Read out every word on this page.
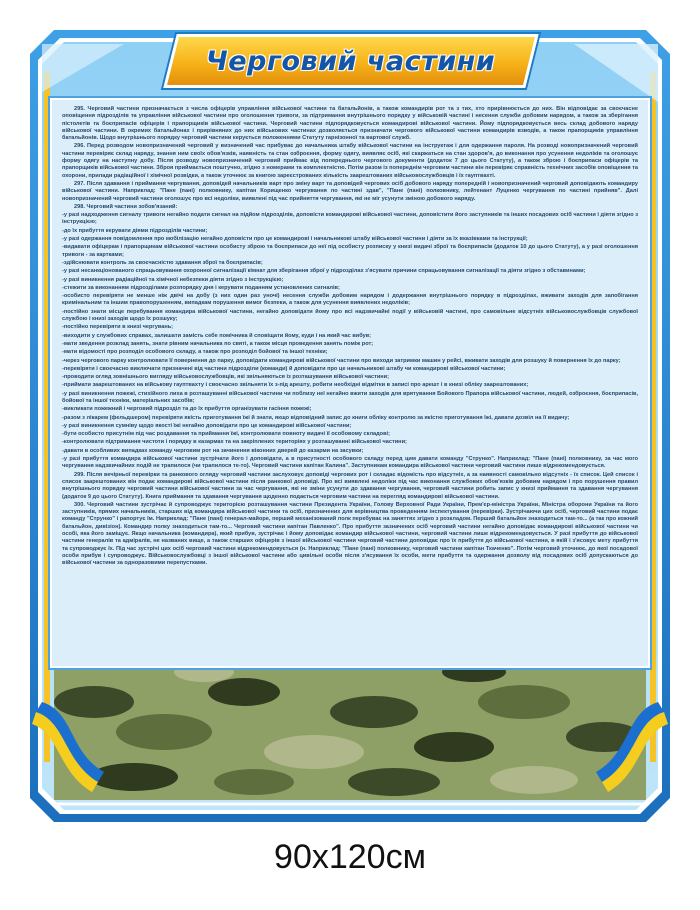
Черговий частини

295. Черговий частини призначається з числа офіцерів управління військової частини та батальйонів, а також командирів рот та з тих, хто прирівнюється до них. Він відповідає за своєчасне оповіщення підрозділів та управління військової частини про оголошення тривоги, за підтримання внутрішнього порядку у військовій частині і несення служби добовим нарядом, а також за зберігання пістолетів та боєприпасів офіцерів і прапорщиків військової частини. Черговий частини підпорядковується командирові військової частини. Йому підпорядковується весь склад добового наряду військової частини. В окремих батальйонах і прирівняних до них військових частинах дозволяється призначати чергового військової частини командирів взводів, а також прапорщиків управління батальйонів. Щодо внутрішнього порядку черговий частини керується положеннями Статуту гарнізонної та вартової служб.

296. Перед розводом новопризначений черговий у визначений час прибуває до начальника штабу військової частини на інструктаж і для одержання пароля. На розводі новопризначений черговий частини перевіряє склад наряду, знання ним своїх обов'язків, наявність та стан озброєння, форму одягу, виявляє осіб, які скаржаться на стан здоров'я, до виконання про усунення недоліків та оголошує форму одягу на наступну добу. Після розводу новопризначений черговий приймає від попереднього чергового документи (додаток 7 до цього Статуту), а також зброю і боєприпаси офіцерів та прапорщиків військової частини. Зброя приймається поштучно, згідно з номерами та комплектністю. Потім разом із попереднім черговим частини він перевіряє справність технічних засобів оповіщення та охорони, прилади радіаційної і хімічної розвідки, а також уточнює за книгою зареєстрованих кількість заарештованих військовослужбовців і їх гауптвахті.

297. Після здавання і приймання чергування, доповідей начальників варт про зміну варт та доповідей чергових осіб добового наряду попередній і новопризначений черговий доповідають командиру військової частини. Наприклад: "Пане (пані) полковнику, капітан Корищенко чергування по частині здав", "Пане (пані) полковнику, лейтенант Луценко чергування по частині прийняв". Далі новопризначений черговий частини оголошує про всі недоліки, виявлені під час прийняття чергування, які не міг усунути зміною добового наряду.

298. Черговий частини зобов'язаний:

-у разі надходження сигналу тривоги негайно подати сигнал на підйом підрозділів, доповісти командирові військової частини, доповістити його заступників та інших посадових осіб частини і діяти згідно з інструкцією;

-до їх прибуття керувати діями підрозділів частини;

-у разі одержання повідомлення про мобілізацію негайно доповісти про це командирові і начальникові штабу військової частини і діяти за їх вказівками та інструкції;

-видавати офіцерам і прапорщикам військової частини особисту зброю та боєприпаси до неї під особисту розписку у книзі видачі зброї та боєприпасів (додаток 10 до цього Статуту), а у разі оголошення тривоги - за картками;

-здійснювати контроль за своєчасністю здавання зброї та боєприпасів;

-у разі несанкціонованого спрацьовування охоронної сигналізації кімнат для зберігання зброї у підрозділах з'ясувати причини спрацьовування сигналізації та діяти згідно з обставинами;

-у разі виникнення радіаційної та хімічної небезпеки діяти згідно з інструкцією;

-стежити за виконанням підрозділами розпорядку дня і керувати поданням установлених сигналів;

-особисто перевіряти не менше ніж двічі на добу (з них один раз уночі) несення служби добовим нарядом і додержання внутрішнього порядку в підрозділах, вживати заходів для запобігання кримінальним та іншим правопорушенням, випадкам порушення вимог безпеки, а також для усунення виявлених недоліків;

-постійно знати місце перебування командира військової частини, негайно доповідати йому про всі надзвичайні події у військовій частині, про самовільне відсутніх військовослужбовців службової службою і книзі заходів щодо їх розшуку;

-постійно перевіряти в книзі чергувань;

-виходити у службових справах, залишати замість себе помічника й сповіщати йому, куди і на який час вибув;

-мати зведення розклад занять, знати рівним начальника по святі, а також місця проведення занять поміж рот;

-мати відомості про розподіл особового складу, а також про розподіл бойової та іншої техніки;

-через чергового парку контролювати її повернення до парку, доповідати командирові військової частини про виходи затримки машин у рейсі, вживати заходів для розшуку й повернення їх до парку;

-перевіряти і своєчасно виключати призначені від частини підрозділи (команди) й доповідати про це начальникові штабу чи командирові військової частини;

-проводити огляд зовнішнього вигляду військовослужбовців, які звільняються із розташування військової частини;

-приймати заарештованих на військову гауптвахту і своєчасно звільняти їх з-під арешту, робити необхідні відмітки в записі про арешт і в книзі обліку заарештованих;

-у разі виникнення пожежі, стихійного лиха в розташуванні військової частини чи поблизу неї негайно вжити заходів для врятування Бойового Прапора військової частини, людей, озброєння, боєприпасів, бойової та іншої техніки, матеріальних засобів;

-викликати пожежний і черговий підрозділ та до їх прибуття організувати гасіння пожежі;

-разом з лікарем (фельдшером) перевіряти якість приготування їжі й знати, якщо відповідний запис до книги обліку контролю за якістю приготування їжі, давати дозвіл на її видачу;

-у разі виникнення сумніву щодо якості їжі негайно доповідати про це командирові військової частини;

-бути особисто присутнім під час роздавання та приймання їжі, контролювати повноту видачі її особовому складові;

-контролювати підтримання чистоти і порядку в казармах та на закріплених територіях у розташуванні військової частини;

-давати в особливих випадках команду черговим рот на зачинення віконних дверей до казарми на засувки;

-у разі прибуття командира військової частини зустрічати його і доповідати, а в присутності особового складу перед цим давати команду "Струнко". Наприклад: "Пане (пані) полковнику, за час мого чергування надзвичайних подій не трапилося (чи трапилося те-то). Черговий частини капітан Калина". Заступникам командира військової частини черговий частини лише відрекомендовується.

299. Після вечірньої перевірки та ранкового огляду черговий частини заслуховує доповіді чергових рот і складає відомість про відсутніх, а за наявності самовільно відсутніх - їх список. Цей список і список заарештованих він подає командирові військової частини після ранкової доповіді. Про всі виявлені недоліки під час виконання службових обов'язків добовим нарядом і про порушення правил внутрішнього порядку черговий частини військової частини за час чергування, які не зміни усунути до здавання чергування, черговий частини робить запис у книзі приймання та здавання чергування (додаток 9 до цього Статуту). Книга приймання та здавання чергування щоденно подається черговим частини на перегляд командирові військової частини.

300. Черговий частини зустрічає й супроводжує територією розташування частини Президента України, Голову Верховної Ради України, Прем'єр-міністра України, Міністра оборони України та його заступників, прямих начальників, старших від командира військової частини та осіб, призначених для керівництва проведенням інспектування (перевірки). Зустрічаючи цих осіб, черговий частини подає команду "Струнко" і рапортує їм. Наприклад: "Пане (пані) генерал-майоре, перший механізований полк перебуває на заняттях згідно з розкладом. Перший батальйон знаходиться там-то... (а так про кожний батальйон, дивізіон). Командир полку знаходиться там-то... Черговий частини капітан Павленко". Про прибуття зазначених осіб черговий частини негайно доповідає командирові військової частини чи особі, яка його заміщує. Якщо начальника (командира), який прибув, зустрічає і йому доповідає командир військової частини, черговий частини лише відрекомендовується. У разі прибуття до військової частини генералів та адміралів, не названих вище, а також старших офіцерів з іншої військової частини черговий частини доповідає про їх прибуття до військової частини, в якій і з'ясовує мету прибуття та супроводжує їх. Під час зустрічі цих осіб черговий частини відрекомендовується (н. Наприклад: "Пане (пані) полковнику, черговий частини капітан Ткаченко". Потім черговий уточнює, до якої посадової особи прибув і супроводжує. Військовослужбовці з іншої військової частини або цивільні особи після з'ясування їх особи, мети прибуття та одержання дозволу від посадових осіб допускаються до військової частини за одноразовими перепустками.

90x120см
